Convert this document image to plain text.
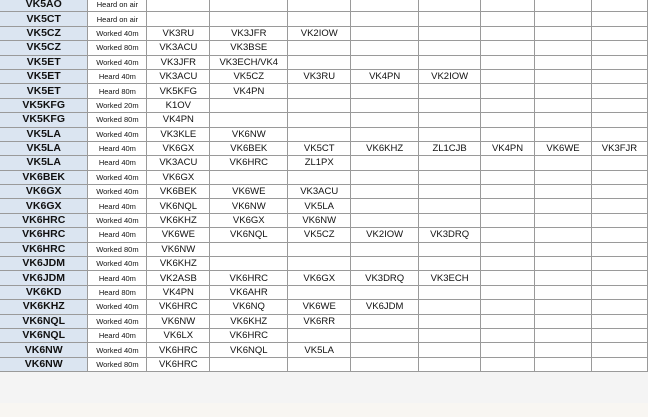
VK5AO	Heard on air								
VK5CT	Heard on air								
VK5CZ	Worked 40m	VK3RU	VK3JFR	VK2IOW					
VK5CZ	Worked 80m	VK3ACU	VK3BSE						
VK5ET	Worked 40m	VK3JFR	VK3ECH/VK4						
VK5ET	Heard 40m	VK3ACU	VK5CZ	VK3RU	VK4PN	VK2IOW			
VK5ET	Heard 80m	VK5KFG	VK4PN						
VK5KFG	Worked 20m	K1OV							
VK5KFG	Worked 80m	VK4PN							
VK5LA	Worked 40m	VK3KLE	VK6NW						
VK5LA	Heard 40m	VK6GX	VK6BEK	VK5CT	VK6KHZ	ZL1CJB	VK4PN	VK6WE	VK3FJR
VK5LA	Heard 40m	VK3ACU	VK6HRC	ZL1PX					
VK6BEK	Worked 40m	VK6GX							
VK6GX	Worked 40m	VK6BEK	VK6WE	VK3ACU					
VK6GX	Heard 40m	VK6NQL	VK6NW	VK5LA					
VK6HRC	Worked 40m	VK6KHZ	VK6GX	VK6NW					
VK6HRC	Heard 40m	VK6WE	VK6NQL	VK5CZ	VK2IOW	VK3DRQ			
VK6HRC	Worked 80m	VK6NW							
VK6JDM	Worked 40m	VK6KHZ							
VK6JDM	Heard 40m	VK2ASB	VK6HRC	VK6GX	VK3DRQ	VK3ECH			
VK6KD	Heard 80m	VK4PN	VK6AHR						
VK6KHZ	Worked 40m	VK6HRC	VK6NQ	VK6WE	VK6JDM				
VK6NQL	Worked 40m	VK6NW	VK6KHZ	VK6RR					
VK6NQL	Heard 40m	VK6LX	VK6HRC						
VK6NW	Worked 40m	VK6HRC	VK6NQL	VK5LA					
VK6NW	Worked 80m	VK6HRC							
